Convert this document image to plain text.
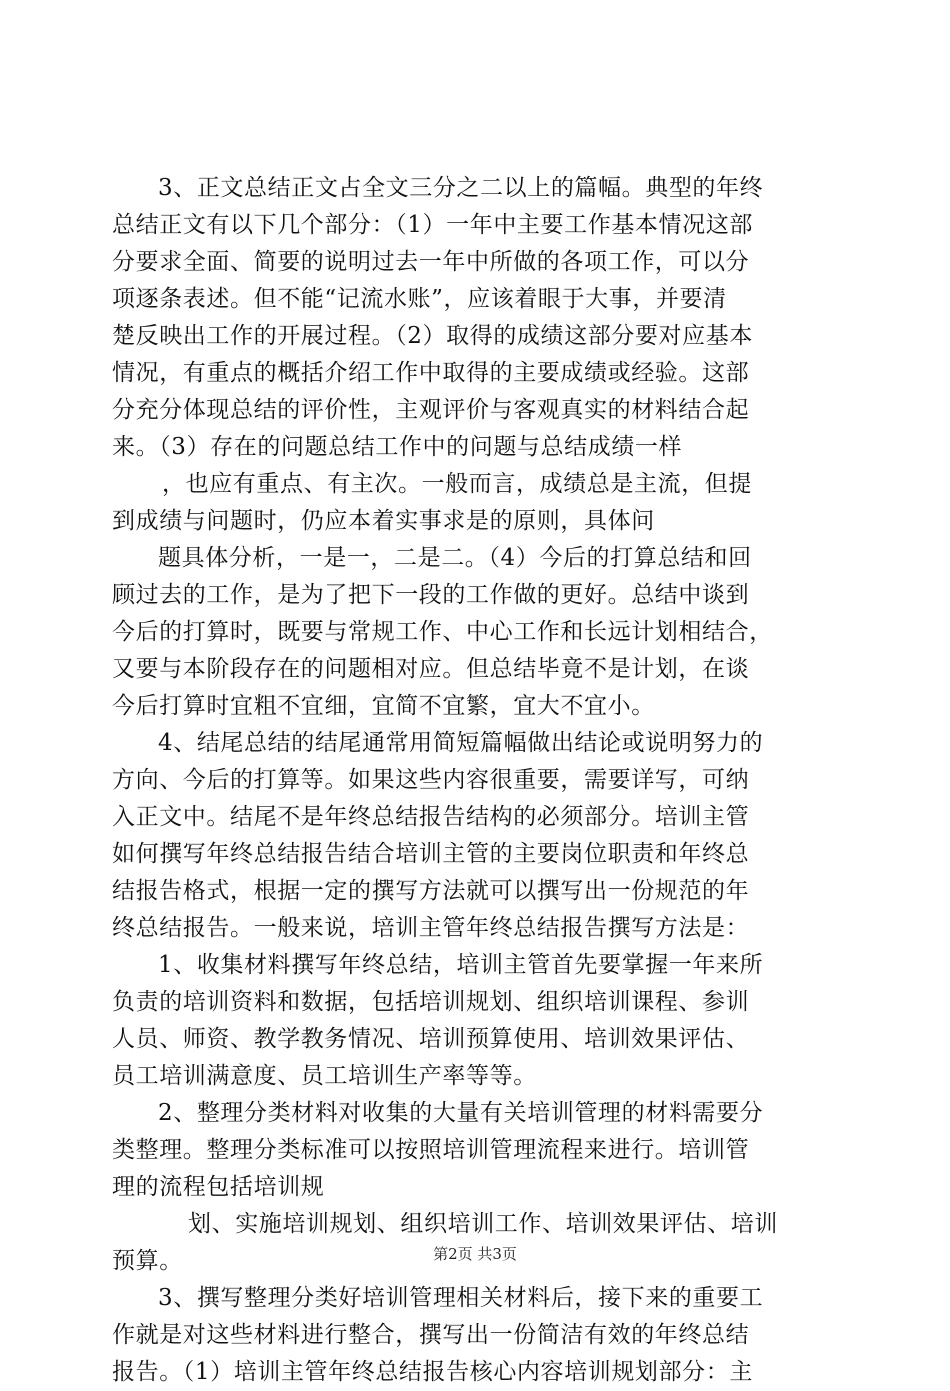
3、正文总结正文占全文三分之二以上的篇幅。典型的年终
总结正文有以下几个部分：（1）一年中主要工作基本情况这部
分要求全面、简要的说明过去一年中所做的各项工作，可以分
项逐条表述。但不能“记流水账”，应该着眼于大事，并要清
楚反映出工作的开展过程。（2）取得的成绩这部分要对应基本
情况，有重点的概括介绍工作中取得的主要成绩或经验。这部
分充分体现总结的评价性，主观评价与客观真实的材料结合起
来。（3）存在的问题总结工作中的问题与总结成绩一样
，也应有重点、有主次。一般而言，成绩总是主流，但提
到成绩与问题时，仍应本着实事求是的原则，具体问
题具体分析，一是一，二是二。（4）今后的打算总结和回
顾过去的工作，是为了把下一段的工作做的更好。总结中谈到
今后的打算时，既要与常规工作、中心工作和长远计划相结合，
又要与本阶段存在的问题相对应。但总结毕竟不是计划，在谈
今后打算时宜粗不宜细，宜简不宜繁，宜大不宜小。
4、结尾总结的结尾通常用简短篇幅做出结论或说明努力的
方向、今后的打算等。如果这些内容很重要，需要详写，可纳
入正文中。结尾不是年终总结报告结构的必须部分。培训主管
如何撰写年终总结报告结合培训主管的主要岗位职责和年终总
结报告格式，根据一定的撰写方法就可以撰写出一份规范的年
终总结报告。一般来说，培训主管年终总结报告撰写方法是：
1、收集材料撰写年终总结，培训主管首先要掌握一年来所
负责的培训资料和数据，包括培训规划、组织培训课程、参训
人员、师资、教学教务情况、培训预算使用、培训效果评估、
员工培训满意度、员工培训生产率等等。
2、整理分类材料对收集的大量有关培训管理的材料需要分
类整理。整理分类标准可以按照培训管理流程来进行。培训管
理的流程包括培训规
划、实施培训规划、组织培训工作、培训效果评估、培训
预算。
3、撰写整理分类好培训管理相关材料后，接下来的重要工
作就是对这些材料进行整合，撰写出一份简洁有效的年终总结
报告。（1）培训主管年终总结报告核心内容培训规划部分：主
第2页 共3页
